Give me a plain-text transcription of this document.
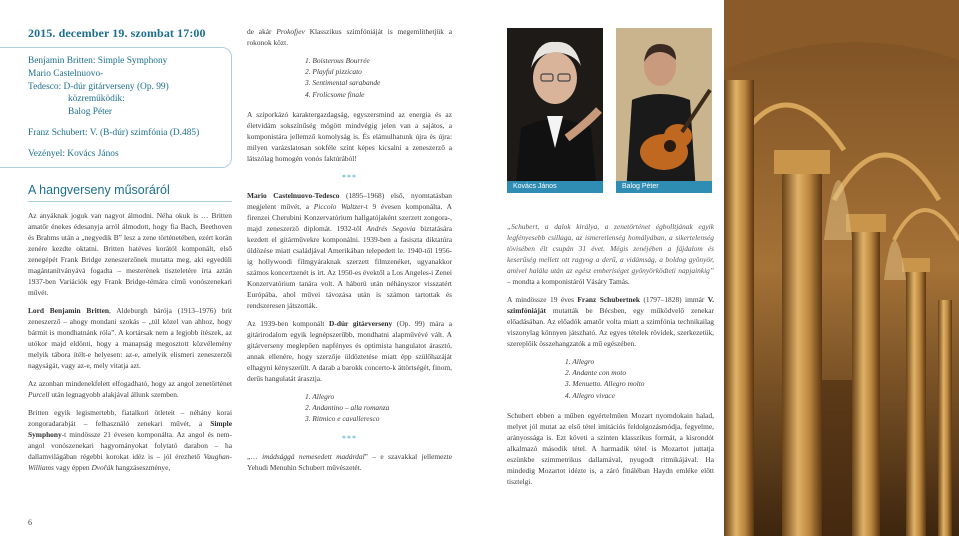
2015. december 19. szombat 17:00
Benjamin Britten: Simple Symphony
Mario Castelnuovo-
Tedesco: D-dúr gitárverseny (Op. 99)
közreműködik:
Balog Péter
Franz Schubert: V. (B-dúr) szimfónia (D.485)
Vezényel: Kovács János
A hangverseny műsoráról

Az anyáknak joguk van nagyot álmodni. Néha okuk is … Britten amatőr énekes édesanyja arról álmodott, hogy fia Bach, Beethoven és Brahms után a „negyedik B” lesz a zene történetében, ezért korán zenére kezdte oktatni. Britten hatéves korától komponált, első zenegépét Frank Bridge zeneszerzőnek mutatta meg, aki egyedüli magántanítványává fogadta – mesterének tiszteletére írta aztán 1937-ben Variációk egy Frank Bridge-témára című vonószenekari művét.

Lord Benjamin Britten, Aldeburgh bárója (1913–1976) brit zeneszerző – ahogy mondani szokás – „túl közel van ahhoz, hogy bármit is mondhatnánk róla”. A kortársak nem a legjobb ítészek, az utókor majd eldönti, hogy a manapság megosztott közvélemény melyik tábora ítélt-e helyesen: az-e, amelyik elismeri zeneszerzői nagyságát, vagy az-e, mely vitatja azt.

Az azonban mindenekfelett elfogadható, hogy az angol zenetörténet Purcell után legnagyobb alakjával állunk szemben.

Britten egyik legismertebb, fiatalkori ötleteit – néhány korai zongoradarabját – felhasználó zenekari művét, a Simple Symphony-t mindössze 21 évesen komponálta. Az angol és nem-angol vonószenekari hagyományokat folytató darabon – ha dallamvilágában régebbi korokat idéz is – jól érezhető Vaughan-Williams vagy éppen Dvořák hangzáseszménye,

6

de akár Prokofjev Klasszikus szimfóniáját is megemlíthetjük a rokonok közt.

1. Boisterous Bourrée
2. Playful pizzicato
3. Sentimental sarabande
4. Frolicsome finale

A sziporkázó karaktergazdagság, egyszersmind az energia és az életvidám sokszínűség mögött mindvégig jelen van a sajátos, a komponistára jellemző komolyság is. És elámulhatunk újra és újra: milyen varázslatosan sokféle színt képes kicsalni a zeneszerző a látszólag homogén vonós faktúrából!

***

Mario Castelnuovo-Tedesco (1895–1968) első, nyomtatásban megjelent művét, a Piccolo Waltzer-t 9 évesen komponálta. A firenzei Cherubini Konzervatórium hallgatójaként szerzett zongora-, majd zeneszerző diplomát. 1932-től Andrés Segovia biztatására kezdett el gitárművekre komponálni. 1939-ben a fasiszta diktatúra üldözése miatt családjával Amerikában telepedett le. 1940-től 1956-ig hollywoodi filmgyáraknak szerzett filmzenéket, ugyanakkor számos koncertzenét is írt. Az 1950-es évektől a Los Angeles-i Zenei Konzervatórium tanára volt. A háború után néhányszor visszatért Európába, ahol művei távozása után is számon tartottak és rendszeresen játszották.

Az 1939-ben komponált D-dúr gitárverseny (Op. 99) mára a gitárirodalom egyik legnépszerűbb, mondhatni alapművévé vált. A gitárverseny meglepően napfényes és optimista hangulatot árasztó, annak ellenére, hogy szerzője üldöztetése miatt épp szülőhazáját elhagyni kényszerült. A darab a barokk concerto-k ättörtségét, finom, derűs hangulatát árasztja.

1. Allegro
2. Andantino – alla romanza
3. Ritmico e cavalleresco
***

„… imádsággá nemesedett madárdal” – e szavakkal jellemezte Yehudi Menuhin Schubert művészetét.

Kovács János	Balog Péter

„Schubert, a dalok királya, a zenetörténet égbolltjának egyik legfényesebb csillaga, az ismeretlenség homályában, a sikertelenség tövisében élt csupán 31 évet. Mégis zenéjében a fájdalom és keserűség mellett ott ragyog a derű, a vidámság, a boldog gyönyör, amivel halála után az egész emberiséget gyönyörködteti napjainkig” – mondta a komponistáról Vásáry Tamás.

A mindössze 19 éves Franz Schubertnek (1797–1828) immár V. szimfóniáját mutatták be Bécsben, egy működvelő zenekar előadásában. Az előadók amatőr volta miatt a szimfónia technikailag viszonylag könnyen játszható. Az egyes tételek rövidek, szerkezetük, szereplőik összehangzatók a mű egészében.

1. Allegro
2. Andante con moto
3. Menuetto. Allegro molto
4. Allegro vivace

Schubert ebben a műben egyértelműen Mozart nyomdokain halad, melyet jól mutat az első tétel imitációs feldolgozásmódja, fegyelme, arányossága is. Ezt követi a szinten klasszikus formát, a kisrondót alkalmazó második tétel. A harmadik tétel is Mozartot juttatja eszünkbe szimmetrikus dallamával, nyugodt ritmikájával. Ha mindedig Mozartot idézte is, a záró fináléban Haydn emléke előtt tisztelgi.
